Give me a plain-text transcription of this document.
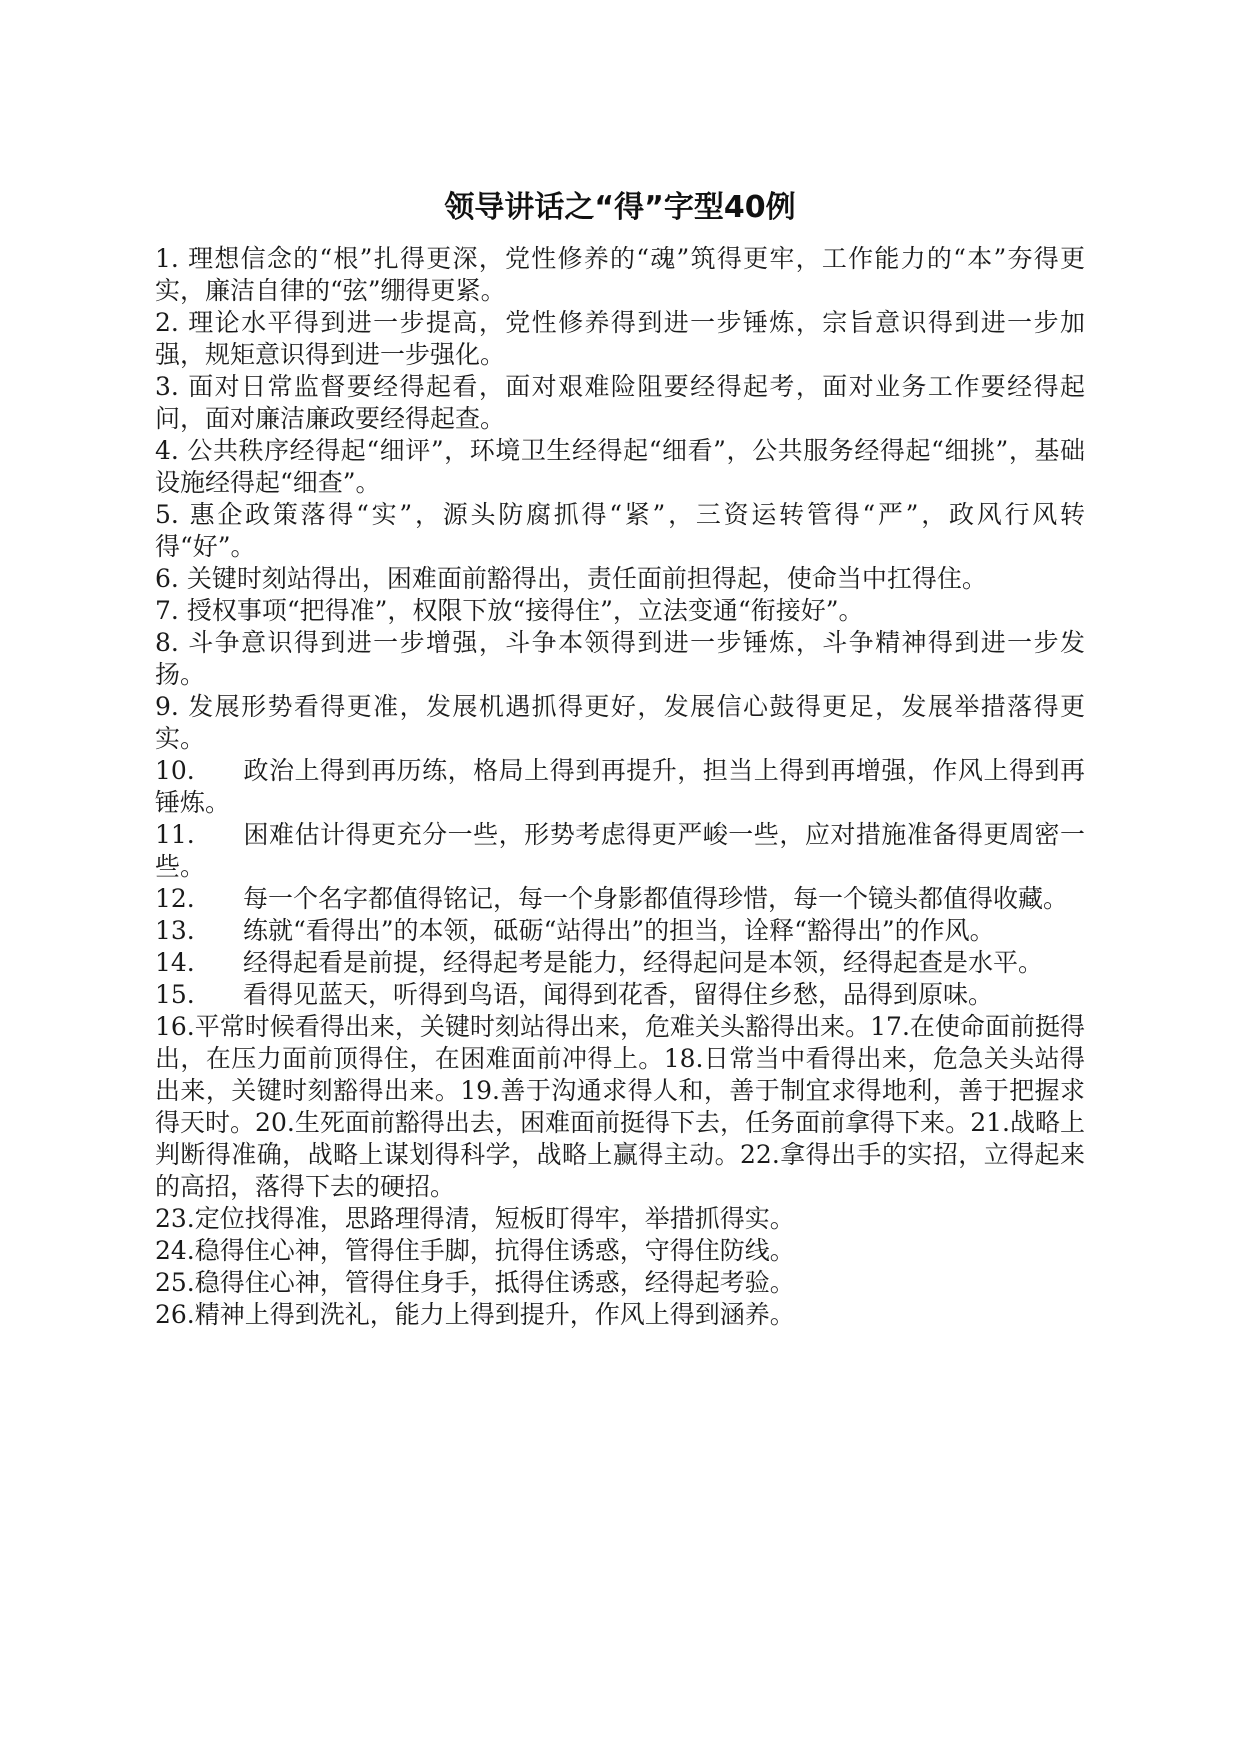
领导讲话之“得”字型40例

1. 理想信念的“根”扎得更深，党性修养的“魂”筑得更牢，工作能力的“本”夯得更实，廉洁自律的“弦”绷得更紧。

2. 理论水平得到进一步提高，党性修养得到进一步锤炼，宗旨意识得到进一步加强，规矩意识得到进一步强化。

3. 面对日常监督要经得起看，面对艰难险阻要经得起考，面对业务工作要经得起问，面对廉洁廉政要经得起查。

4. 公共秩序经得起“细评”，环境卫生经得起“细看”，公共服务经得起“细挑”，基础设施经得起“细查”。

5. 惠企政策落得“实”，源头防腐抓得“紧”，三资运转管得“严”，政风行风转得“好”。

6. 关键时刻站得出，困难面前豁得出，责任面前担得起，使命当中扛得住。

7. 授权事项“把得准”，权限下放“接得住”，立法变通“衔接好”。

8. 斗争意识得到进一步增强，斗争本领得到进一步锤炼，斗争精神得到进一步发扬。

9. 发展形势看得更准，发展机遇抓得更好，发展信心鼓得更足，发展举措落得更实。

10. 政治上得到再历练，格局上得到再提升，担当上得到再增强，作风上得到再锤炼。

11. 困难估计得更充分一些，形势考虑得更严峻一些，应对措施准备得更周密一些。

12. 每一个名字都值得铭记，每一个身影都值得珍惜，每一个镜头都值得收藏。

13. 练就“看得出”的本领，砥砺“站得出”的担当，诠释“豁得出”的作风。

14. 经得起看是前提，经得起考是能力，经得起问是本领，经得起查是水平。

15. 看得见蓝天，听得到鸟语，闻得到花香，留得住乡愁，品得到原味。

16.平常时候看得出来，关键时刻站得出来，危难关头豁得出来。17.在使命面前挺得出，在压力面前顶得住，在困难面前冲得上。18.日常当中看得出来，危急关头站得出来，关键时刻豁得出来。19.善于沟通求得人和，善于制宜求得地利，善于把握求得天时。20.生死面前豁得出去，困难面前挺得下去，任务面前拿得下来。21.战略上判断得准确，战略上谋划得科学，战略上赢得主动。22.拿得出手的实招，立得起来的高招，落得下去的硬招。

23.定位找得准，思路理得清，短板盯得牢，举措抓得实。

24.稳得住心神，管得住手脚，抗得住诱惑，守得住防线。

25.稳得住心神，管得住身手，抵得住诱惑，经得起考验。

26.精神上得到洗礼，能力上得到提升，作风上得到涵养。
